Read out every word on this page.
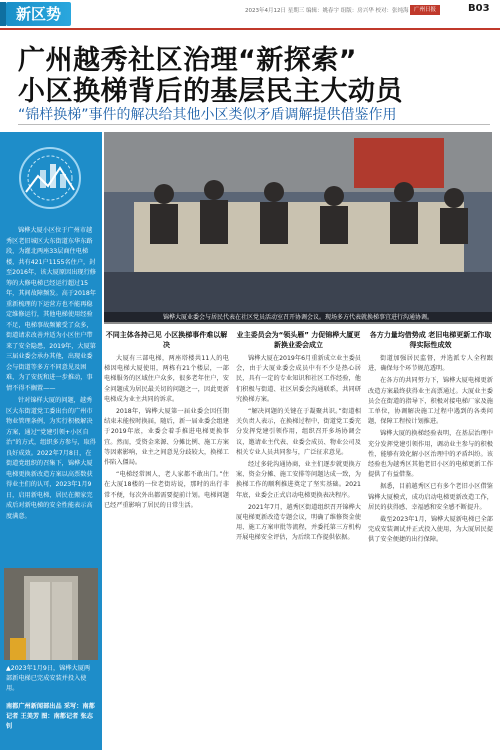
新区势	2023年4月12日 星期三 编辑：姚春宇 组版：房兴华 校对：张纯海	广州日报	B03
广州越秀社区治理“新探索”
小区换梯背后的基层民主大动员
“锦样换梯”事件的解决给其他小区类似矛盾调解提供借鉴作用

锦桦大厦小区位于广州市越秀区老旧城区大东街道东华东路段，为灌北两座33层商住电梯楼，共有421户1155名住户，封至2016年，该大厦原因出现行修筹的大修电梯已经运行超过15年，其间故障频发。高于2018年重新梳理的下运营方也不能再稳定维修运行，其他电梯使用经验不足，电梯事故频繁受了众多，街道请求改善并适为小区住户带来了安全隐患，2019年，大厦第三届业委会承办其他，出现业委会与街道等多方不同意见及困难，为了安抚和进一步推动，事情不得不搁置——

针对锦样大厦的问题，越秀区大东街道党工委出台的广州市物业管理条例，为实行积极解决方案，通过“党建引领+小区自治”的方式，组织多方参与，取得良好成效。2022年7月8日，在街道党组织的召集下，锦桦大厦电梯更换新改造方案以高票数获得业主们的认可，2023年1月9日，启用新电梯，居民在搬家完成后对新电梯的安全性能表示高度满意。

▲2023年1月9日，锦桦大厦两部新电梯已完成安装并投入使用。
南都广州新闻部出品 采写：南都记者 王美芳 图：南都记者 张志钊
锦桦大厦业委会与居民代表在社区党员活动室召开协调会议。现场多方代表就换梯事宜进行沟通协调。
不同主体各持己见 小区换梯事件难以解决

大厦有三部电梯，两座塔楼共11人的电梯因电梯大厦使用，两栋有21个楼层，一部电梯服务的区域住户众多，很多老年住户，安全问题成为居民最关切的问题之一，因此更新电梯成为业主共同的诉求。

2018年，锦桦大厦第一届业委会因任期结束未能按时换届，随后，新一届业委会组建于2019年底，业委会着手推进电梯更换事宜。然而，受资金来源、分摊比例、施工方案等因素影响，业主之间意见分歧较大，换梯工作陷入僵局。

“电梯经常困人，老人家都不敢出门。”住在大厦18楼的一位老街坊说，那时的出行非常不便，每次外出都需要提前计划。电梯问题已经严重影响了居民的日常生活。

业主委员会为“领头雁” 力促锦桦大厦更新换业委会成立

锦桦大厦在2019年6月重新成立业主委员会，由于大厦业委会成员中有不少是热心居民，具有一定的专业知识和社区工作经验，他们积极与街道、社区居委会沟通联系，共同研究换梯方案。

“解决问题的关键在于凝聚共识。”街道相关负责人表示，在换梯过程中，街道党工委充分发挥党建引领作用，组织召开多场协调会议，邀请业主代表、业委会成员、物业公司及相关专业人员共同参与，广泛征求意见。

经过多轮沟通协商，业主们逐步就更换方案、资金分摊、施工安排等问题达成一致，为换梯工作的顺利推进奠定了坚实基础。2021年底，业委会正式启动电梯更换表决程序。

2021年7月，越秀区街道组织召开锦桦大厦电梯更新改造专题会议，明确了维修资金使用、施工方案审批等流程，并委托第三方机构开展电梯安全评估，为后续工作提供依据。

各方力量均借势成 老旧电梯更新工作取得实际性成效

街道加强居民监督，并选派专人全程跟进，确保每个环节规范透明。

在各方的共同努力下，锦桦大厦电梯更新改造方案最终获得业主高票通过。大厦业主委员会在街道的指导下，积极对接电梯厂家及施工单位，协调解决施工过程中遇到的各类问题，保障工程按计划推进。

锦桦大厦的换梯经验表明，在基层治理中充分发挥党建引领作用，调动业主参与的积极性，能够有效化解小区治理中的矛盾纠纷。该经验也为越秀区其他老旧小区的电梯更新工作提供了有益借鉴。

据悉，目前越秀区已有多个老旧小区借鉴锦桦大厦模式，成功启动电梯更新改造工作，居民的获得感、幸福感和安全感不断提升。

截至2023年1月，锦桦大厦新电梯已全部完成安装调试并正式投入使用，为大厦居民提供了安全便捷的出行保障。
